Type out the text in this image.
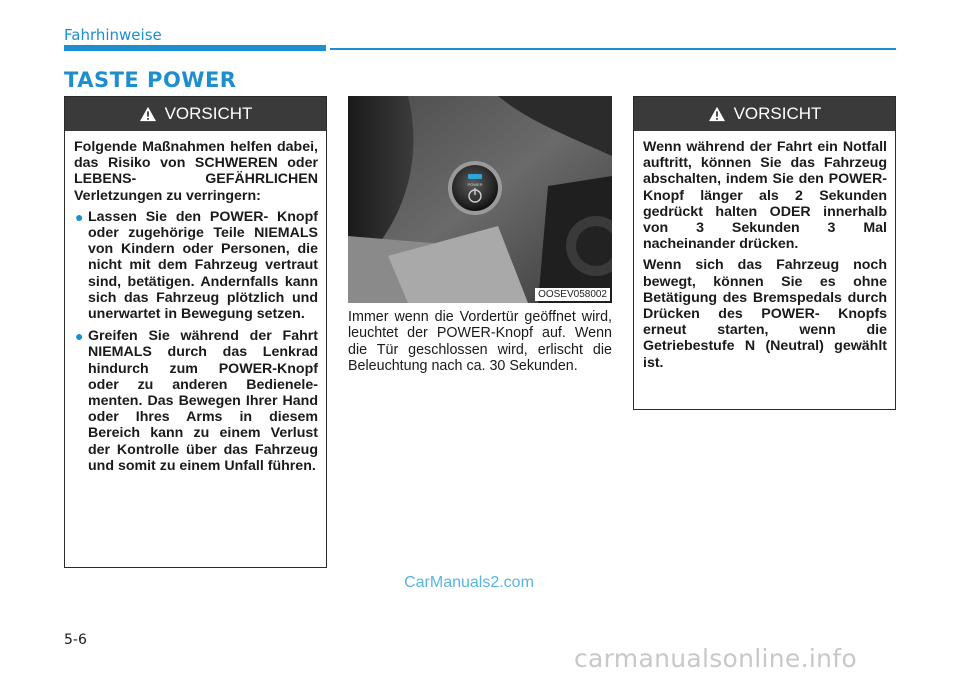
Fahrhinweise
TASTE POWER
VORSICHT

Folgende Maßnahmen helfen dabei, das Risiko von SCHWEREN oder LEBENS- GEFÄHRLICHEN Verletzungen zu verringern:

● Lassen Sie den POWER- Knopf oder zugehörige Teile NIEMALS von Kindern oder Personen, die nicht mit dem Fahrzeug vertraut sind, betätigen. Andernfalls kann sich das Fahrzeug plötzlich und unerwartet in Bewegung setzen.
● Greifen Sie während der Fahrt NIEMALS durch das Lenkrad hindurch zum POWER-Knopf oder zu anderen Bedienele- menten. Das Bewegen Ihrer Hand oder Ihres Arms in diesem Bereich kann zu einem Verlust der Kontrolle über das Fahrzeug und somit zu einem Unfall führen.
POWER
OOSEV058002
Immer wenn die Vordertür geöffnet wird, leuchtet der POWER-Knopf auf. Wenn die Tür geschlossen wird, erlischt die Beleuchtung nach ca. 30 Sekunden.
VORSICHT

Wenn während der Fahrt ein Notfall auftritt, können Sie das Fahrzeug abschalten, indem Sie den POWER-Knopf länger als 2 Sekunden gedrückt halten ODER innerhalb von 3 Sekunden 3 Mal nacheinander drücken.

Wenn sich das Fahrzeug noch bewegt, können Sie es ohne Betätigung des Bremspedals durch Drücken des POWER- Knopfs erneut starten, wenn die Getriebestufe N (Neutral) gewählt ist.

CarManuals2.com
5-6
carmanualsonline.info
